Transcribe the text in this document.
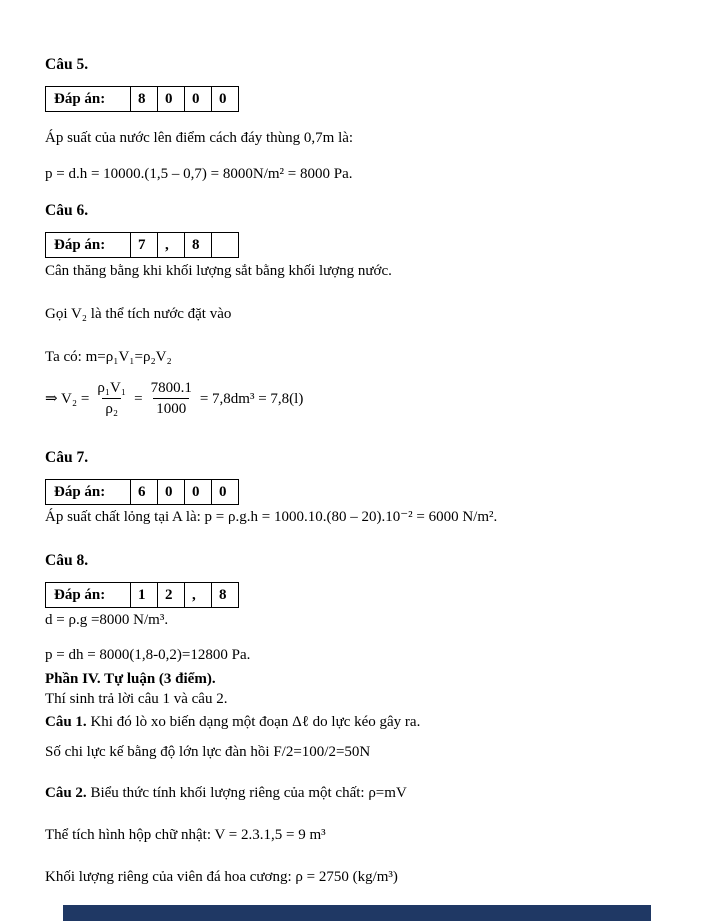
Câu 5.
Đáp án:	8	0	0	0

Áp suất của nước lên điểm cách đáy thùng 0,7m là:

p = d.h = 10000.(1,5 – 0,7) = 8000N/m² = 8000 Pa.

Câu 6.
Đáp án:	7	,	8	

Cân thăng bằng khi khối lượng sắt bằng khối lượng nước.

Gọi V₂ là thể tích nước đặt vào

Ta có: m=ρ₁V₁=ρ₂V₂

⇒ $V_2 = \frac{\text{ρ₁V₁}}{\text{ρ₂}} = \frac{7800.1}{1000} = 7,8dm^3 = 7,8(l)$
Câu 7.
Đáp án:	6	0	0	0

Áp suất chất lỏng tại A là: p = ρ.g.h = 1000.10.(80 – 20).10⁻² = 6000 N/m².

Câu 8.
Đáp án:	1	2	,	8

d = ρ.g =8000 N/m³.

p = dh = 8000(1,8-0,2)=12800 Pa.

Phần IV. Tự luận (3 điểm).

Thí sinh trả lời câu 1 và câu 2.

Câu 1. Khi đó lò xo biến dạng một đoạn Δℓ do lực kéo gây ra.

Số chi lực kế bằng độ lớn lực đàn hồi F/2=100/2=50N

Câu 2. Biểu thức tính khối lượng riêng của một chất: ρ=mV

Thể tích hình hộp chữ nhật: V = 2.3.1,5 = 9 m³

Khối lượng riêng của viên đá hoa cương: ρ = 2750 (kg/m³)
